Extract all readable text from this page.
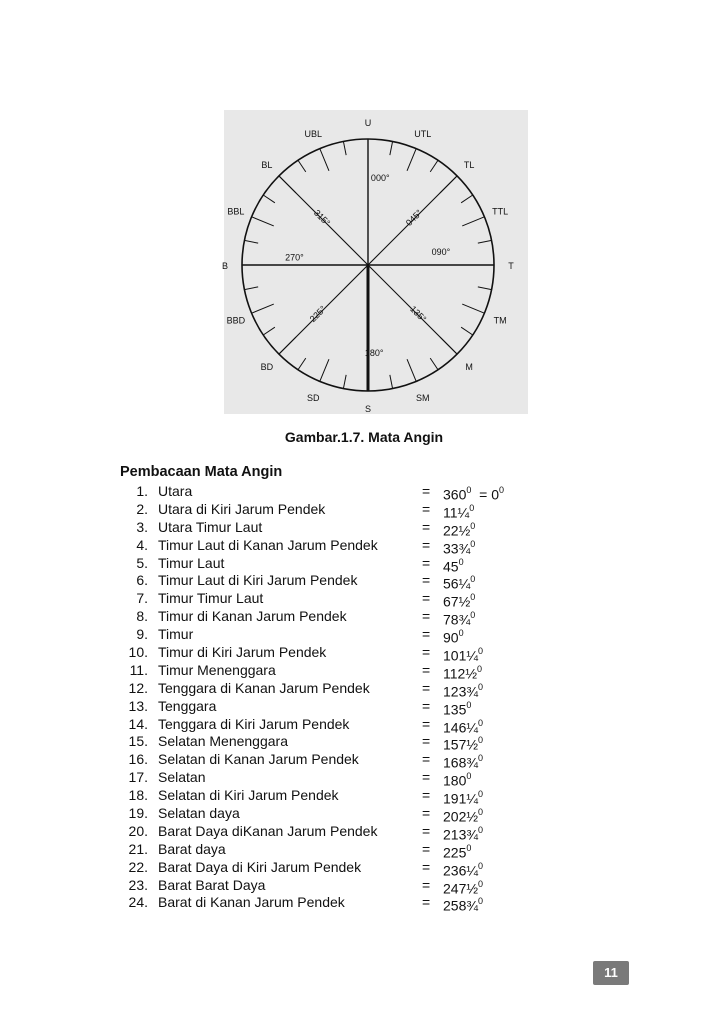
U
UTL
TL
TTL
T
TM
M
SM
S
SD
BD
BBD
B
BBL
BL
UBL
000°
045°
090°
135°
180°
225°
270°
315°
Gambar.1.7. Mata Angin
Pembacaan Mata Angin
1. Utara	= $360^0 = 0^0$
2. Utara di Kiri Jarum Pendek	= 11¼$^0$
3. Utara Timur Laut	= 22½$^0$
4. Timur Laut di Kanan Jarum Pendek	= 33¾$^0$
5. Timur Laut	= $45^0$
6. Timur Laut di Kiri Jarum Pendek	= 56¼$^0$
7. Timur Timur Laut	= 67½$^0$
8. Timur di Kanan Jarum Pendek	= 78¾$^0$
9. Timur	= $90^0$
10. Timur di Kiri Jarum Pendek	= 101¼$^0$
11. Timur Menenggara	= 112½$^0$
12. Tenggara di Kanan Jarum Pendek	= 123¾$^0$
13. Tenggara	= $135^0$
14. Tenggara di Kiri Jarum Pendek	= 146¼$^0$
15. Selatan Menenggara	= 157½$^0$
16. Selatan di Kanan Jarum Pendek	= 168¾$^0$
17. Selatan	= $180^0$
18. Selatan di Kiri Jarum Pendek	= 191¼$^0$
19. Selatan daya	= 202½$^0$
20. Barat Daya diKanan Jarum Pendek	= 213¾$^0$
21. Barat daya	= $225^0$
22. Barat Daya di Kiri Jarum Pendek	= 236¼$^0$
23. Barat Barat Daya	= 247½$^0$
24. Barat di Kanan Jarum Pendek	= 258¾$^0$
11
